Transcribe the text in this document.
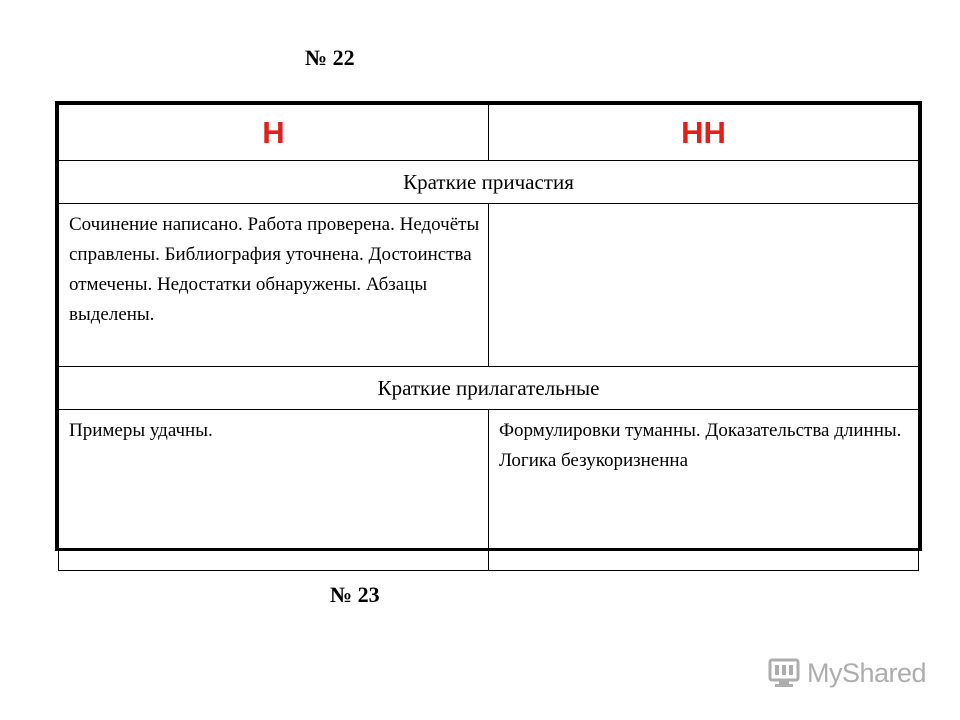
№ 22
Н	НН
Краткие причастия	
Сочинение написано. Работа проверена. Недочёты справлены. Библиография уточнена. Достоинства отмечены. Недостатки обнаружены. Абзацы выделены.	
Краткие прилагательные	
Примеры удачны.	Формулировки туманны. Доказательства длинны. Логика безукоризненна
№ 23
MyShared
